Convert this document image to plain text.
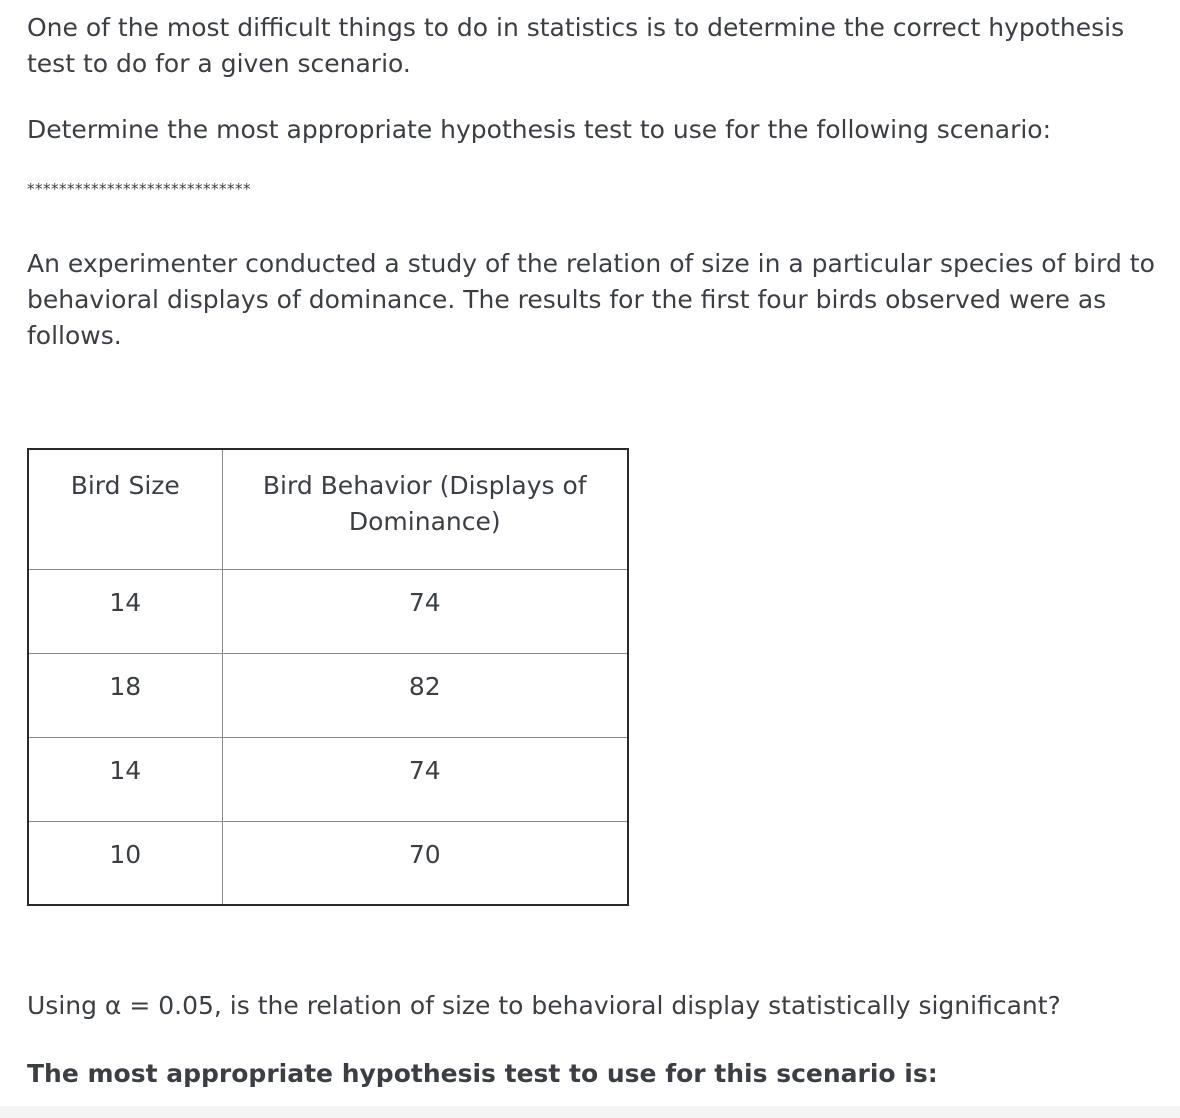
One of the most difficult things to do in statistics is to determine the correct hypothesis test to do for a given scenario.

Determine the most appropriate hypothesis test to use for the following scenario:

****************************

An experimenter conducted a study of the relation of size in a particular species of bird to behavioral displays of dominance. The results for the first four birds observed were as follows.

Bird Size	Bird Behavior (Displays of Dominance)
14	74
18	82
14	74
10	70

Using α = 0.05, is the relation of size to behavioral display statistically significant?

The most appropriate hypothesis test to use for this scenario is:
